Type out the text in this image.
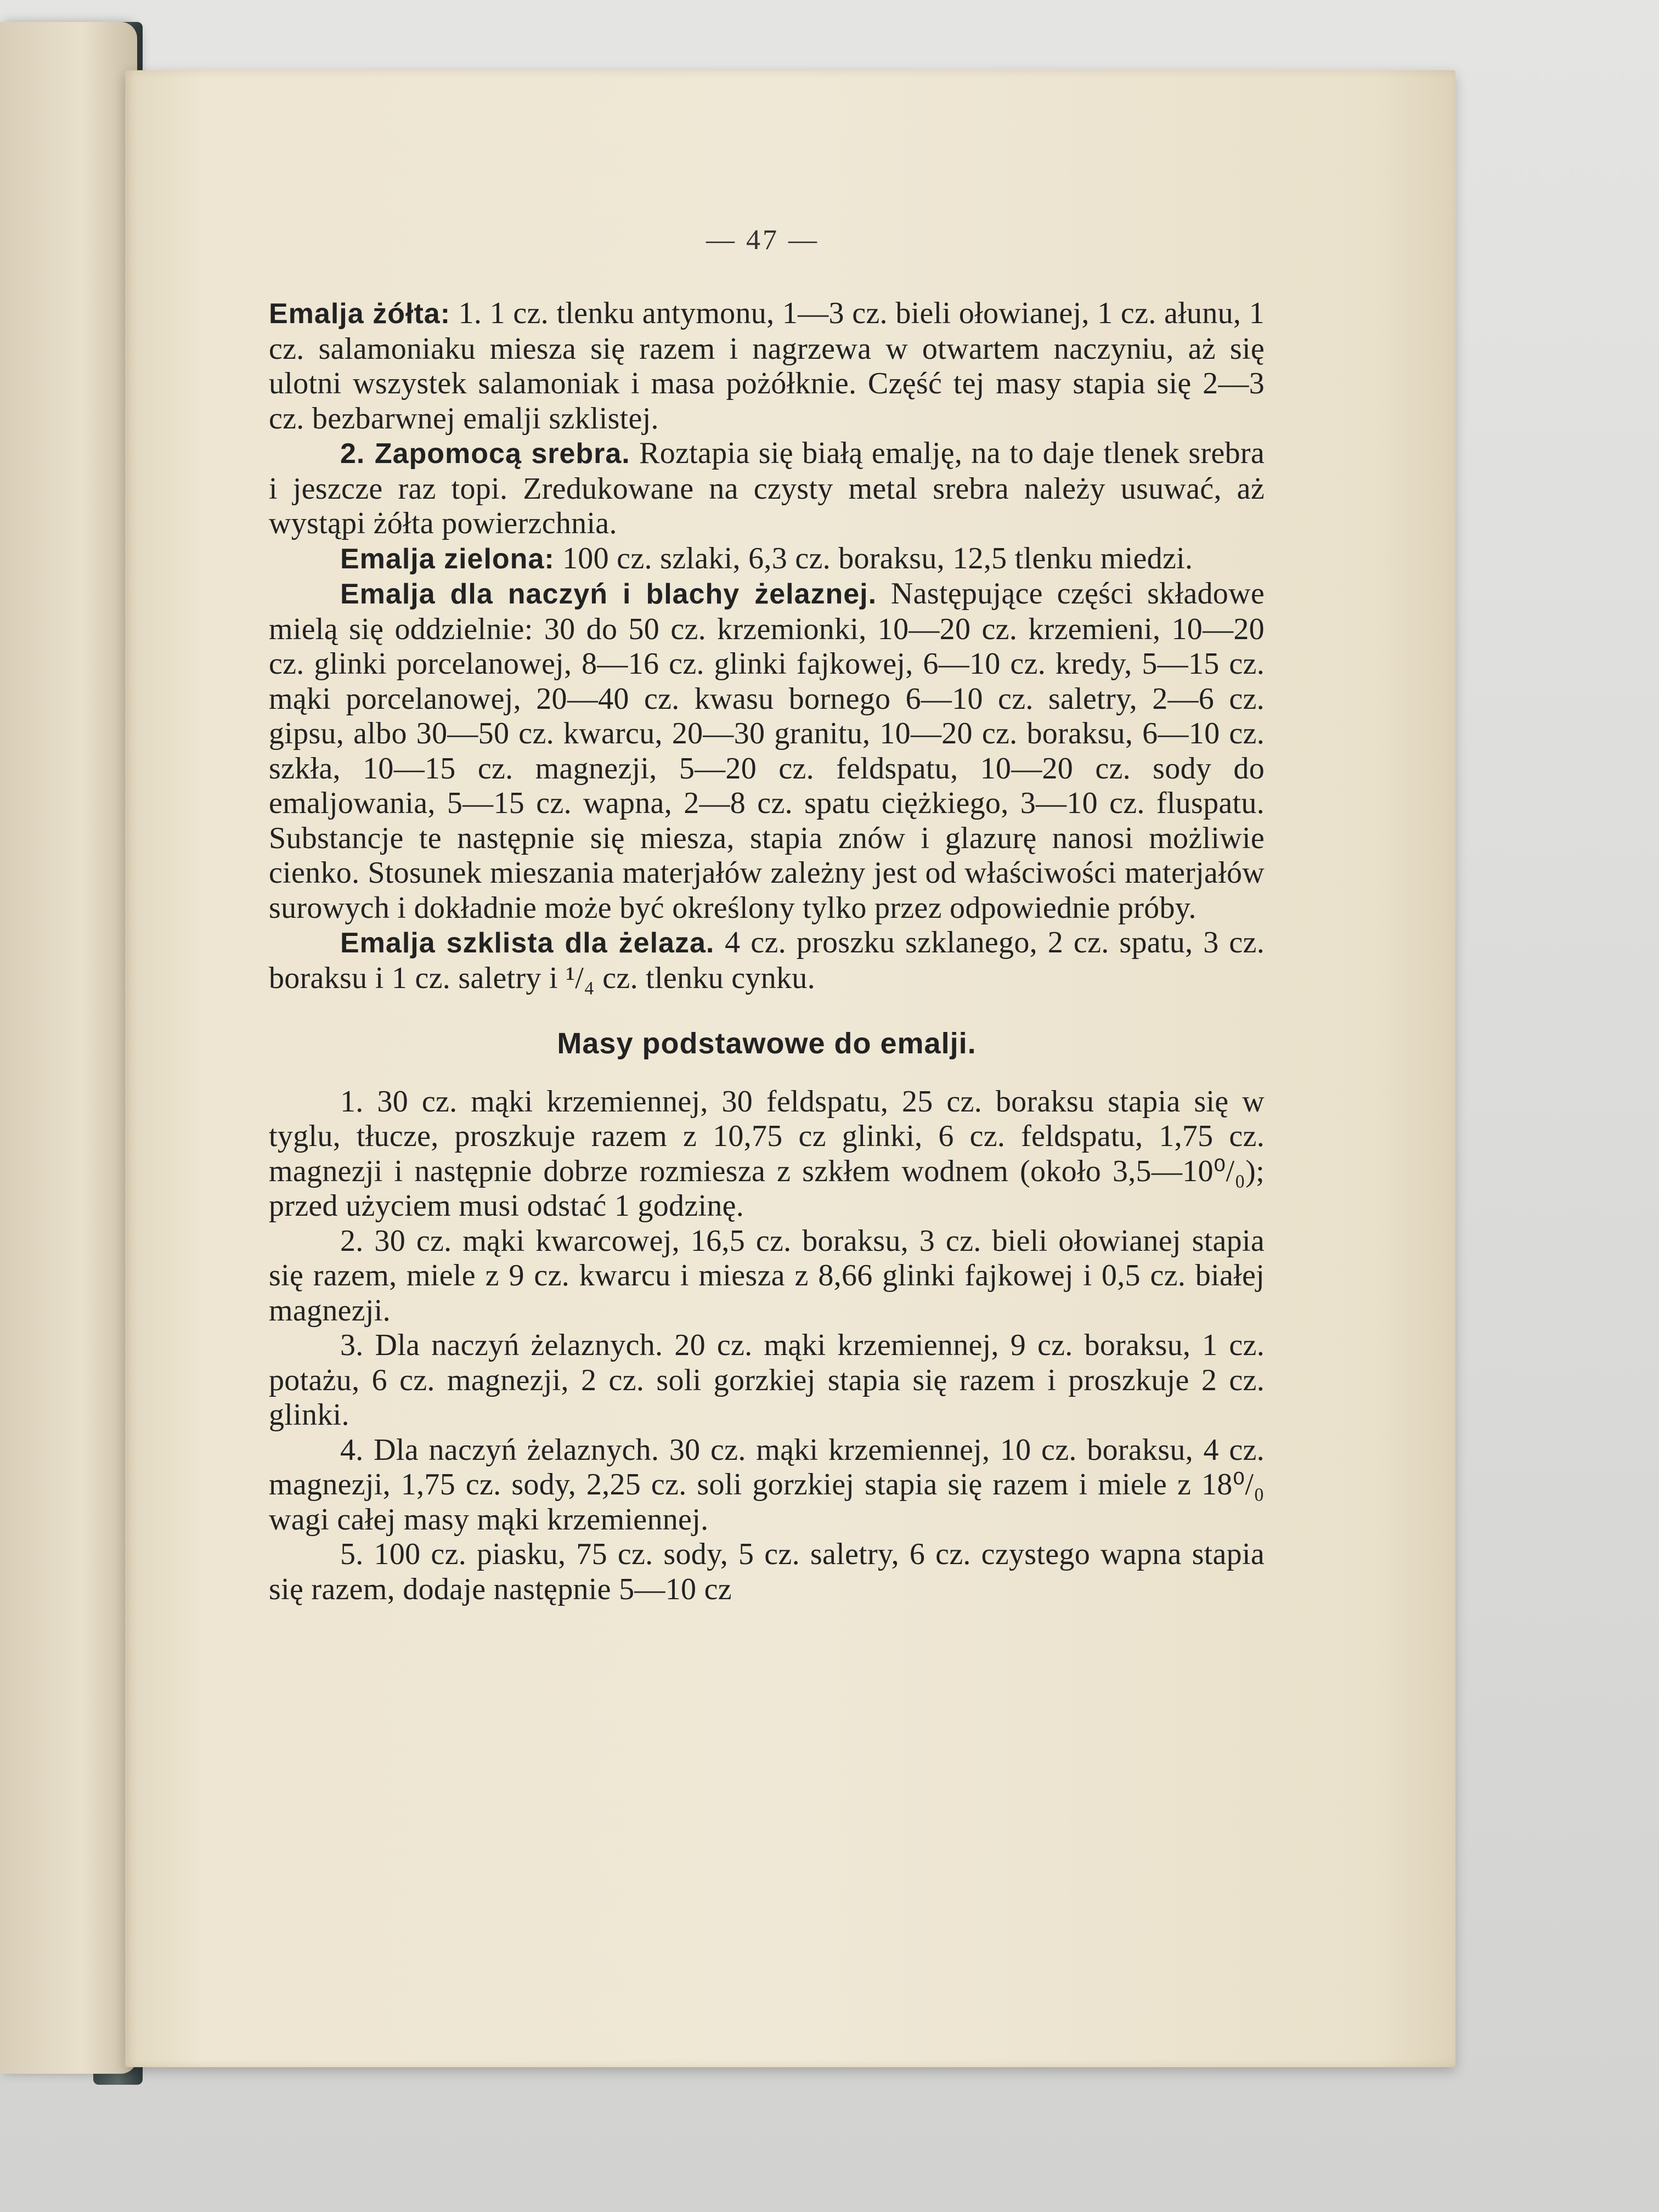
— 47 —

Emalja żółta: 1. 1 cz. tlenku antymonu, 1—3 cz. bieli ołowianej, 1 cz. ałunu, 1 cz. salamoniaku miesza się razem i nagrzewa w otwartem naczyniu, aż się ulotni wszystek salamoniak i masa pożółknie. Część tej masy stapia się 2—3 cz. bezbarwnej emalji szklistej.

2. Zapomocą srebra. Roztapia się białą emalję, na to daje tlenek srebra i jeszcze raz topi. Zredukowane na czysty metal srebra należy usuwać, aż wystąpi żółta powierzchnia.

Emalja zielona: 100 cz. szlaki, 6,3 cz. boraksu, 12,5 tlenku miedzi.

Emalja dla naczyń i blachy żelaznej. Następujące części składowe mielą się oddzielnie: 30 do 50 cz. krzemionki, 10—20 cz. krzemieni, 10—20 cz. glinki porcelanowej, 8—16 cz. glinki fajkowej, 6—10 cz. kredy, 5—15 cz. mąki porcelanowej, 20—40 cz. kwasu bornego 6—10 cz. saletry, 2—6 cz. gipsu, albo 30—50 cz. kwarcu, 20—30 granitu, 10—20 cz. boraksu, 6—10 cz. szkła, 10—15 cz. magnezji, 5—20 cz. feldspatu, 10—20 cz. sody do emaljowania, 5—15 cz. wapna, 2—8 cz. spatu ciężkiego, 3—10 cz. fluspatu. Substancje te następnie się miesza, stapia znów i glazurę nanosi możliwie cienko. Stosunek mieszania materjałów zależny jest od właściwości materjałów surowych i dokładnie może być określony tylko przez odpowiednie próby.

Emalja szklista dla żelaza. 4 cz. proszku szklanego, 2 cz. spatu, 3 cz. boraksu i 1 cz. saletry i ¹/₄ cz. tlenku cynku.

Masy podstawowe do emalji.

1. 30 cz. mąki krzemiennej, 30 feldspatu, 25 cz. boraksu stapia się w tyglu, tłucze, proszkuje razem z 10,75 cz glinki, 6 cz. feldspatu, 1,75 cz. magnezji i następnie dobrze rozmiesza z szkłem wodnem (około 3,5—10⁰/₀); przed użyciem musi odstać 1 godzinę.

2. 30 cz. mąki kwarcowej, 16,5 cz. boraksu, 3 cz. bieli ołowianej stapia się razem, miele z 9 cz. kwarcu i miesza z 8,66 glinki fajkowej i 0,5 cz. białej magnezji.

3. Dla naczyń żelaznych. 20 cz. mąki krzemiennej, 9 cz. boraksu, 1 cz. potażu, 6 cz. magnezji, 2 cz. soli gorzkiej stapia się razem i proszkuje 2 cz. glinki.

4. Dla naczyń żelaznych. 30 cz. mąki krzemiennej, 10 cz. boraksu, 4 cz. magnezji, 1,75 cz. sody, 2,25 cz. soli gorzkiej stapia się razem i miele z 18⁰/₀ wagi całej masy mąki krzemiennej.

5. 100 cz. piasku, 75 cz. sody, 5 cz. saletry, 6 cz. czystego wapna stapia się razem, dodaje następnie 5—10 cz
